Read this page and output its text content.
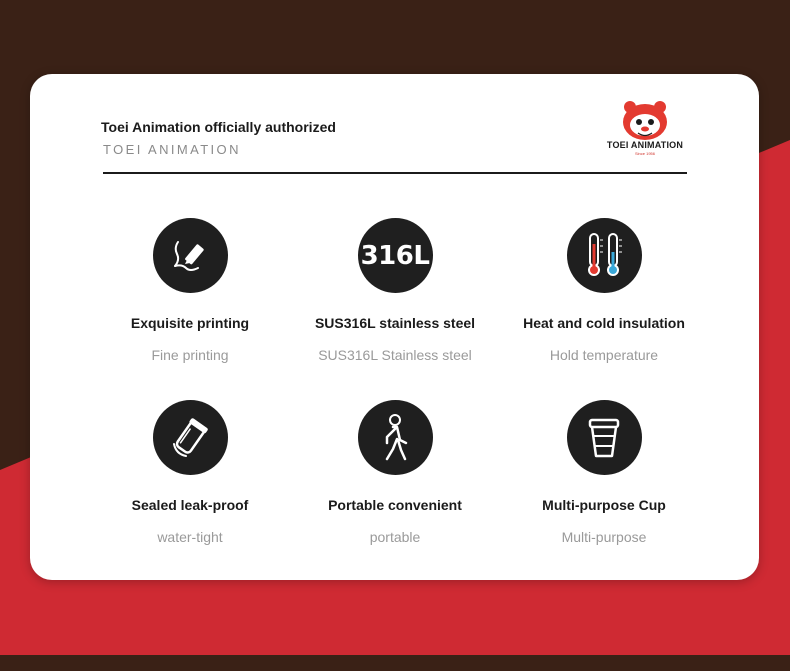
Toei Animation officially authorized
TOEI ANIMATION	TOEI ANIMATION
Since 1956
Exquisite printing
Fine printing
316L
SUS316L stainless steel
SUS316L Stainless steel
Heat and cold insulation
Hold temperature
Sealed leak-proof
water-tight
Portable convenient
portable
Multi-purpose Cup
Multi-purpose
